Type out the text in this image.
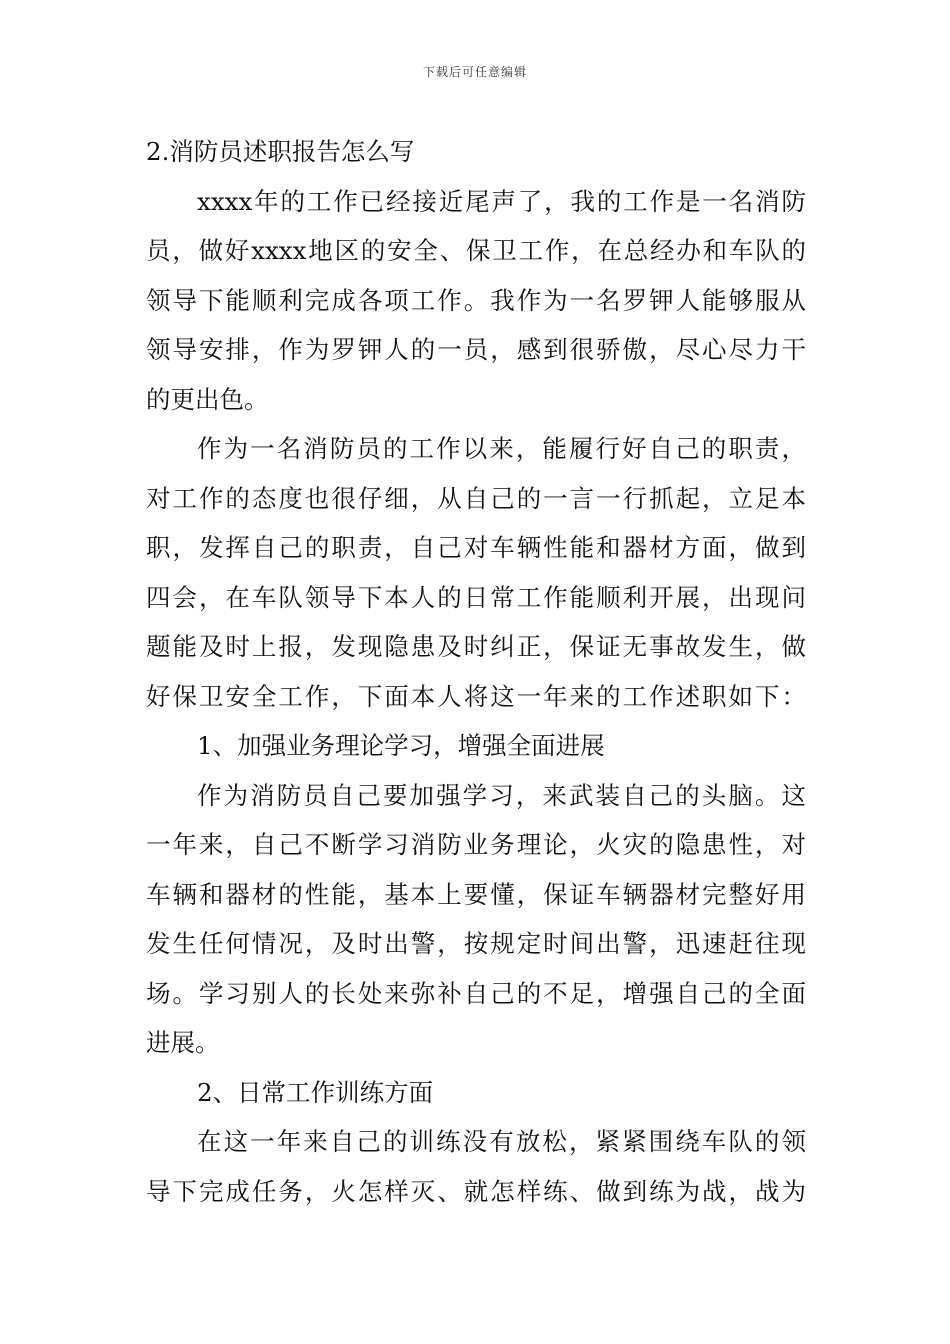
下载后可任意编辑
2.消防员述职报告怎么写
xxxx年的工作已经接近尾声了，我的工作是一名消防
员，做好xxxx地区的安全、保卫工作，在总经办和车队的
领导下能顺利完成各项工作。我作为一名罗钾人能够服从
领导安排，作为罗钾人的一员，感到很骄傲，尽心尽力干
的更出色。
作为一名消防员的工作以来，能履行好自己的职责，
对工作的态度也很仔细，从自己的一言一行抓起，立足本
职，发挥自己的职责，自己对车辆性能和器材方面，做到
四会，在车队领导下本人的日常工作能顺利开展，出现问
题能及时上报，发现隐患及时纠正，保证无事故发生，做
好保卫安全工作，下面本人将这一年来的工作述职如下：
1、加强业务理论学习，增强全面进展
作为消防员自己要加强学习，来武装自己的头脑。这
一年来，自己不断学习消防业务理论，火灾的隐患性，对
车辆和器材的性能，基本上要懂，保证车辆器材完整好用
发生任何情况，及时出警，按规定时间出警，迅速赶往现
场。学习别人的长处来弥补自己的不足，增强自己的全面
进展。
2、日常工作训练方面
在这一年来自己的训练没有放松，紧紧围绕车队的领
导下完成任务，火怎样灭、就怎样练、做到练为战，战为
